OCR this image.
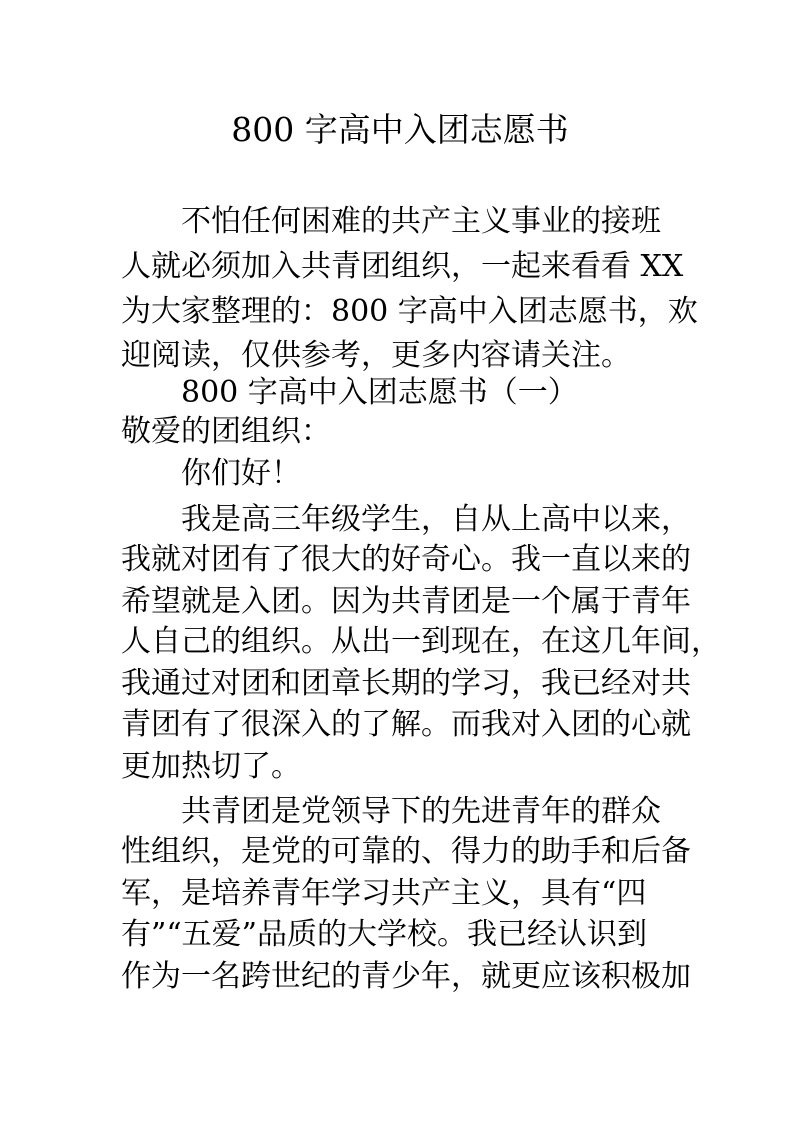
800 字高中入团志愿书
不怕任何困难的共产主义事业的接班
人就必须加入共青团组织，一起来看看 XX
为大家整理的：800 字高中入团志愿书，欢
迎阅读，仅供参考，更多内容请关注。
800 字高中入团志愿书（一）
敬爱的团组织：
你们好！
我是高三年级学生，自从上高中以来，
我就对团有了很大的好奇心。我一直以来的
希望就是入团。因为共青团是一个属于青年
人自己的组织。从出一到现在，在这几年间，
我通过对团和团章长期的学习，我已经对共
青团有了很深入的了解。而我对入团的心就
更加热切了。
共青团是党领导下的先进青年的群众
性组织，是党的可靠的、得力的助手和后备
军，是培养青年学习共产主义，具有“四
有”“五爱”品质的大学校。我已经认识到
作为一名跨世纪的青少年，就更应该积极加
